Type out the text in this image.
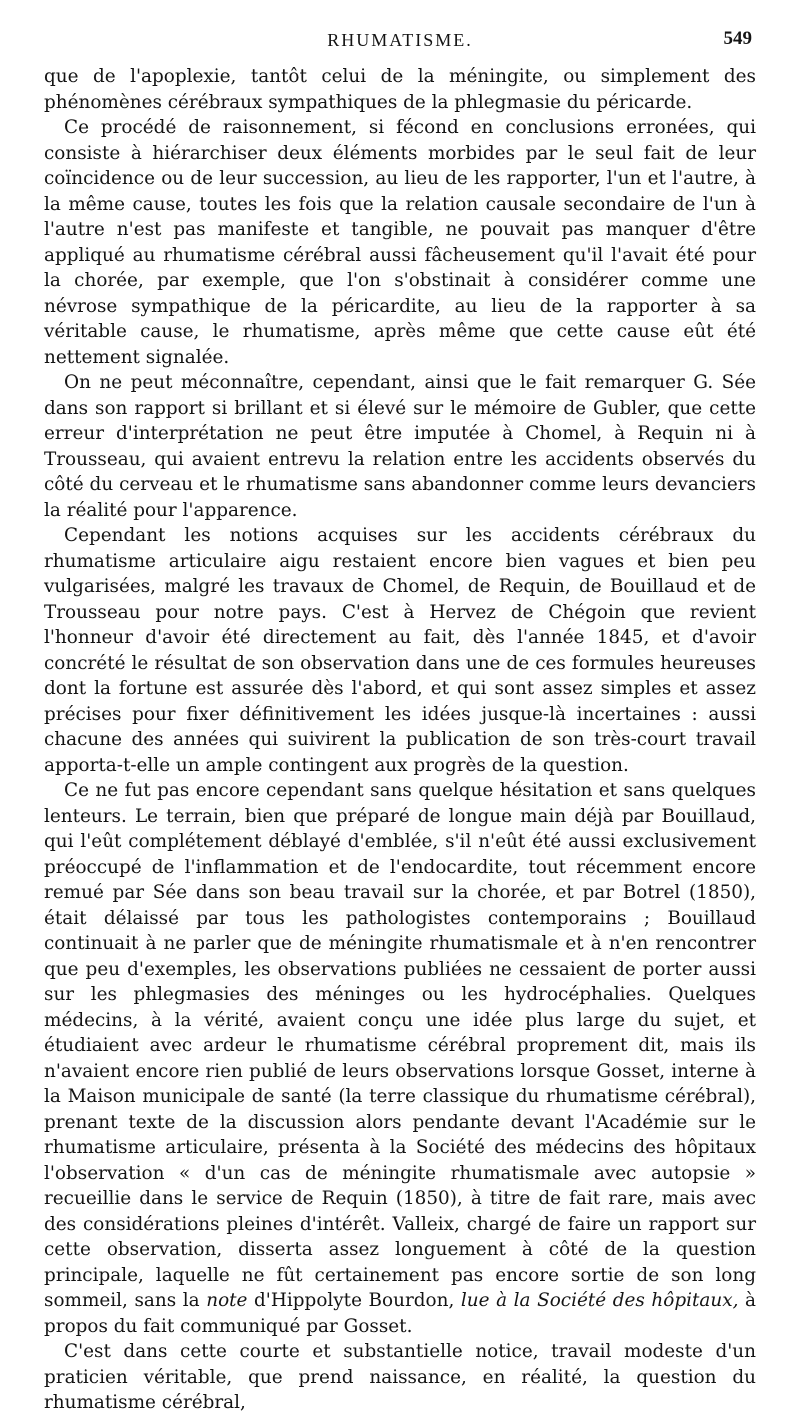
RHUMATISME.	549

que de l'apoplexie, tantôt celui de la méningite, ou simplement des phénomènes cérébraux sympathiques de la phlegmasie du péricarde.

Ce procédé de raisonnement, si fécond en conclusions erronées, qui consiste à hiérarchiser deux éléments morbides par le seul fait de leur coïncidence ou de leur succession, au lieu de les rapporter, l'un et l'autre, à la même cause, toutes les fois que la relation causale secondaire de l'un à l'autre n'est pas manifeste et tangible, ne pouvait pas manquer d'être appliqué au rhumatisme cérébral aussi fâcheusement qu'il l'avait été pour la chorée, par exemple, que l'on s'obstinait à considérer comme une névrose sympathique de la péricardite, au lieu de la rapporter à sa véritable cause, le rhumatisme, après même que cette cause eût été nettement signalée.

On ne peut méconnaître, cependant, ainsi que le fait remarquer G. Sée dans son rapport si brillant et si élevé sur le mémoire de Gubler, que cette erreur d'interprétation ne peut être imputée à Chomel, à Requin ni à Trousseau, qui avaient entrevu la relation entre les accidents observés du côté du cerveau et le rhumatisme sans abandonner comme leurs devanciers la réalité pour l'apparence.

Cependant les notions acquises sur les accidents cérébraux du rhumatisme articulaire aigu restaient encore bien vagues et bien peu vulgarisées, malgré les travaux de Chomel, de Requin, de Bouillaud et de Trousseau pour notre pays. C'est à Hervez de Chégoin que revient l'honneur d'avoir été directement au fait, dès l'année 1845, et d'avoir concrété le résultat de son observation dans une de ces formules heureuses dont la fortune est assurée dès l'abord, et qui sont assez simples et assez précises pour fixer définitivement les idées jusque-là incertaines : aussi chacune des années qui suivirent la publication de son très-court travail apporta-t-elle un ample contingent aux progrès de la question.

Ce ne fut pas encore cependant sans quelque hésitation et sans quelques lenteurs. Le terrain, bien que préparé de longue main déjà par Bouillaud, qui l'eût complétement déblayé d'emblée, s'il n'eût été aussi exclusivement préoccupé de l'inflammation et de l'endocardite, tout récemment encore remué par Sée dans son beau travail sur la chorée, et par Botrel (1850), était délaissé par tous les pathologistes contemporains ; Bouillaud continuait à ne parler que de méningite rhumatismale et à n'en rencontrer que peu d'exemples, les observations publiées ne cessaient de porter aussi sur les phlegmasies des méninges ou les hydrocéphalies. Quelques médecins, à la vérité, avaient conçu une idée plus large du sujet, et étudiaient avec ardeur le rhumatisme cérébral proprement dit, mais ils n'avaient encore rien publié de leurs observations lorsque Gosset, interne à la Maison municipale de santé (la terre classique du rhumatisme cérébral), prenant texte de la discussion alors pendante devant l'Académie sur le rhumatisme articulaire, présenta à la Société des médecins des hôpitaux l'observation « d'un cas de méningite rhumatismale avec autopsie » recueillie dans le service de Requin (1850), à titre de fait rare, mais avec des considérations pleines d'intérêt. Valleix, chargé de faire un rapport sur cette observation, disserta assez longuement à côté de la question principale, laquelle ne fût certainement pas encore sortie de son long sommeil, sans la note d'Hippolyte Bourdon, lue à la Société des hôpitaux, à propos du fait communiqué par Gosset.

C'est dans cette courte et substantielle notice, travail modeste d'un praticien véritable, que prend naissance, en réalité, la question du rhumatisme cérébral,
